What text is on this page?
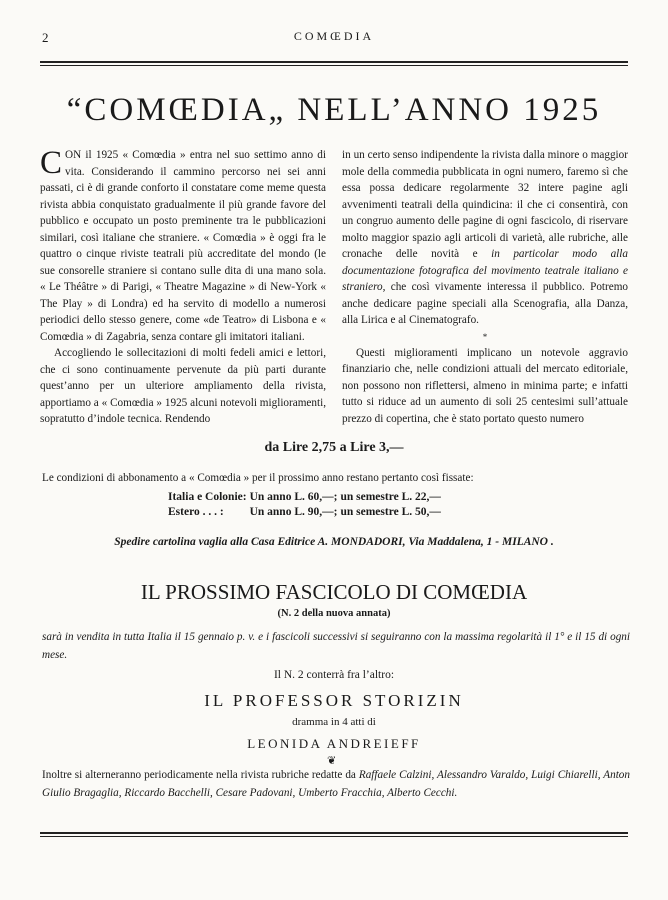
2	COMŒDIA
“COMŒDIA„ NELL’ANNO 1925

CON il 1925 « Comœdia » entra nel suo settimo anno di vita. Considerando il cammino percorso nei sei anni passati, ci è di grande conforto il constatare come meme questa rivista abbia conquistato gradualmente il più grande favore del pubblico e occupato un posto preminente tra le pubblicazioni similari, così italiane che straniere. « Comœdia » è oggi fra le quattro o cinque riviste teatrali più accreditate del mondo (le sue consorelle straniere si contano sulle dita di una mano sola. « Le Théâtre » di Parigi, « Theatre Magazine » di New-York « The Play » di Londra) ed ha servito di modello a numerosi periodici dello stesso genere, come «de Teatro» di Lisbona e « Comœdia » di Zagabria, senza contare gli imitatori italiani.

Accogliendo le sollecitazioni di molti fedeli amici e lettori, che ci sono continuamente pervenute da più parti durante quest’anno per un ulteriore ampliamento della rivista, apportiamo a « Comœdia » 1925 alcuni notevoli miglioramenti, sopratutto d’indole tecnica. Rendendo

in un certo senso indipendente la rivista dalla minore o maggior mole della commedia pubblicata in ogni numero, faremo sì che essa possa dedicare regolarmente 32 intere pagine agli avvenimenti teatrali della quindicina: il che ci consentirà, con un congruo aumento delle pagine di ogni fascicolo, di riservare molto maggior spazio agli articoli di varietà, alle rubriche, alle cronache delle novità e in particolar modo alla documentazione fotografica del movimento teatrale italiano e straniero, che così vivamente interessa il pubblico. Potremo anche dedicare pagine speciali alla Scenografia, alla Danza, alla Lirica e al Cinematografo.

*

Questi miglioramenti implicano un notevole aggravio finanziario che, nelle condizioni attuali del mercato editoriale, non possono non riflettersi, almeno in minima parte; e infatti tutto si riduce ad un aumento di soli 25 centesimi sull’attuale prezzo di copertina, che è stato portato questo numero

da Lire 2,75 a Lire 3,—
Le condizioni di abbonamento a « Comœdia » per il prossimo anno restano pertanto così fissate:
Italia e Colonie:	Un anno L. 60,—;	un semestre L. 22,—
Estero . . . :	Un anno L. 90,—;	un semestre L. 50,—
Spedire cartolina vaglia alla Casa Editrice A. MONDADORI, Via Maddalena, 1 - MILANO .
IL PROSSIMO FASCICOLO DI COMŒDIA
(N. 2 della nuova annata)
sarà in vendita in tutta Italia il 15 gennaio p. v. e i fascicoli successivi si seguiranno con la massima regolarità il 1° e il 15 di ogni mese.
Il N. 2 conterrà fra l’altro:
IL PROFESSOR STORIZIN
dramma in 4 atti di
LEONIDA ANDREIEFF
❦
Inoltre si alterneranno periodicamente nella rivista rubriche redatte da Raffaele Calzini, Alessandro Varaldo, Luigi Chiarelli, Anton Giulio Bragaglia, Riccardo Bacchelli, Cesare Padovani, Umberto Fracchia, Alberto Cecchi.
